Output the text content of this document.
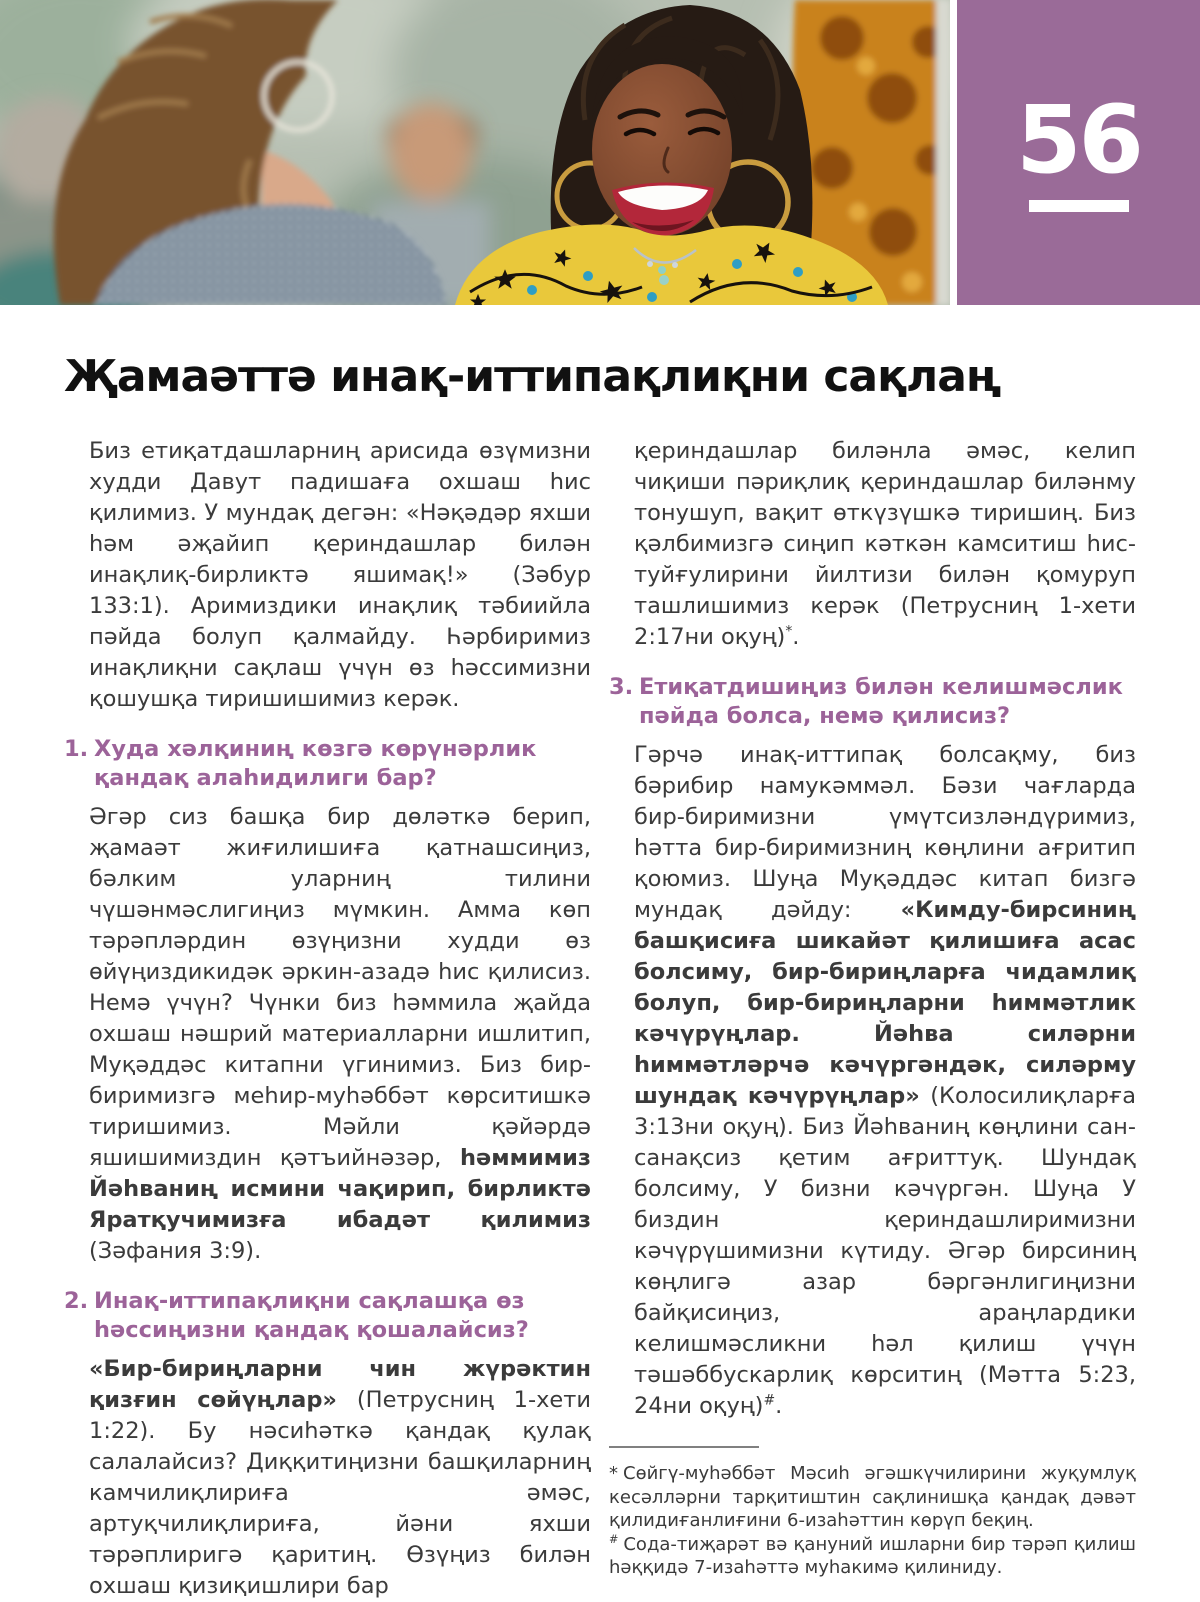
56
Җамаәттә инақ-иттипақлиқни сақлаң

Биз етиқатдашларниң арисида өзүмизни худди Давут падишаға охшаш һис қилимиз. У мундақ дегән: «Нәқәдәр яхши һәм әҗайип қериндашлар билән инақлиқ-бирликтә яшимақ!» (Зәбур 133:1). Аримиздики инақлиқ тәбиийла пәйда болуп қалмайду. Һәрбиримиз инақлиқни сақлаш үчүн өз һәссимизни қошушқа тиришишимиз керәк.

1. Худа хәлқиниң көзгә көрүнәрлик қандақ алаһидилиги бар?

Әгәр сиз башқа бир дөләткә берип, җамаәт жиғилишиға қатнашсиңиз, бәлким уларниң тилини чүшәнмәслигиңиз мүмкин. Амма көп тәрәпләрдин өзүңизни худди өз өйүңиздикидәк әркин-азадә һис қилисиз. Немә үчүн? Чүнки биз һәммила җайда охшаш нәшрий материалларни ишлитип, Муқәддәс китапни үгинимиз. Биз бир-биримизгә меһир-муһәббәт көрситишкә тиришимиз. Мәйли қәйәрдә яшишимиздин қәтъийнәзәр, һәммимиз Йәһваниң исмини чақирип, бирликтә Яратқучимизға ибадәт қилимиз (Зәфания 3:9).

2. Инақ-иттипақлиқни сақлашқа өз һәссиңизни қандақ қошалайсиз?

«Бир-бириңларни чин жүрәктин қизғин сөйүңлар» (Петрусниң 1-хети 1:22). Бу нәсиһәткә қандақ қулақ салалайсиз? Диққитиңизни башқиларниң камчилиқлириға әмәс, артуқчилиқлириға, йәни яхши тәрәплиригә қаритиң. Өзүңиз билән охшаш қизиқишлири бар

қериндашлар биләнла әмәс, келип чиқиши пәриқлиқ қериндашлар биләнму тонушуп, вақит өткүзүшкә тиришиң. Биз қәлбимизгә сиңип кәткән камситиш һис-туйғулирини йилтизи билән қомуруп ташлишимиз керәк (Петрусниң 1-хети 2:17ни оқуң)*.

3. Етиқатдишиңиз билән келишмәслик пәйда болса, немә қилисиз?

Гәрчә инақ-иттипақ болсақму, биз бәрибир намукәммәл. Бәзи чағларда бир-биримизни үмүтсизләндүримиз, һәтта бир-биримизниң көңлини ағритип қоюмиз. Шуңа Муқәддәс китап бизгә мундақ дәйду: «Кимду-бирсиниң башқисиға шикайәт қилишиға асас болсиму, бир-бириңларға чидамлиқ болуп, бир-бириңларни һиммәтлик кәчүрүңлар. Йәһва силәрни һиммәтләрчә кәчүргәндәк, силәрму шундақ кәчүрүңлар» (Колосилиқларға 3:13ни оқуң). Биз Йәһваниң көңлини сан-санақсиз қетим ағриттуқ. Шундақ болсиму, У бизни кәчүргән. Шуңа У биздин қериндашлиримизни кәчүрүшимизни күтиду. Әгәр бирсиниң көңлигә азар бәргәнлигиңизни байқисиңиз, араңлардики келишмәсликни һәл қилиш үчүн тәшәббускарлиқ көрситиң (Мәтта 5:23, 24ни оқуң)#.

* Сөйгү-муһәббәт Мәсиһ әгәшкүчилирини жуқумлуқ кесәлләрни тарқитиштин сақлинишқа қандақ дәвәт қилидиғанлиғини 6-изаһәттин көрүп беқиң.

# Сода-тиҗарәт вә қануний ишларни бир тәрәп қилиш һәққидә 7-изаһәттә муһакимә қилиниду.
